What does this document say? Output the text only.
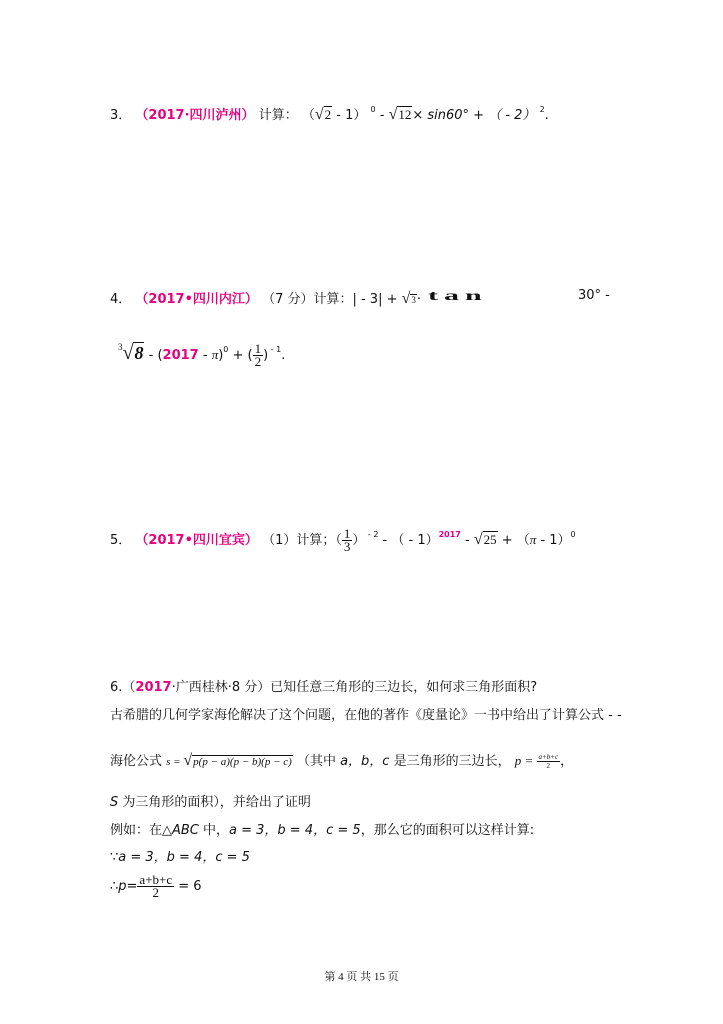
3． （2017·四川泸州） 计算： （√2 - 1） $^0$ - √12× sin60° + （ - 2） $^2$.
4． （2017•四川内江） （7 分）计算：| - 3| + √3· tan	30° -
$^3$√8 - (2017 - π)$^0$ + ( $\frac{1}{2}$ ) $^{- 1}$.
5． （2017•四川宜宾） （1）计算；（ $\frac{1}{3}$ ） $^{- 2}$ - （ - 1）$^{2017}$ - √25 + （π - 1）$^0$
6.（2017·广西桂林·8 分）已知任意三角形的三边长，如何求三角形面积?
古希腊的几何学家海伦解决了这个问题，在他的著作《度量论》一书中给出了计算公式 - -
海伦公式 s = √p(p − a)(p − b)(p − c) （其中 a，b，c 是三角形的三边长， $p = \frac{a+b+c}{2}$ ，
S 为三角形的面积），并给出了证明
例如：在△ABC 中，a = 3，b = 4，c = 5，那么它的面积可以这样计算:
∵a = 3，b = 4，c = 5
∴p= $\frac{a+b+c}{2} = 6$
第 4 页 共 15 页
